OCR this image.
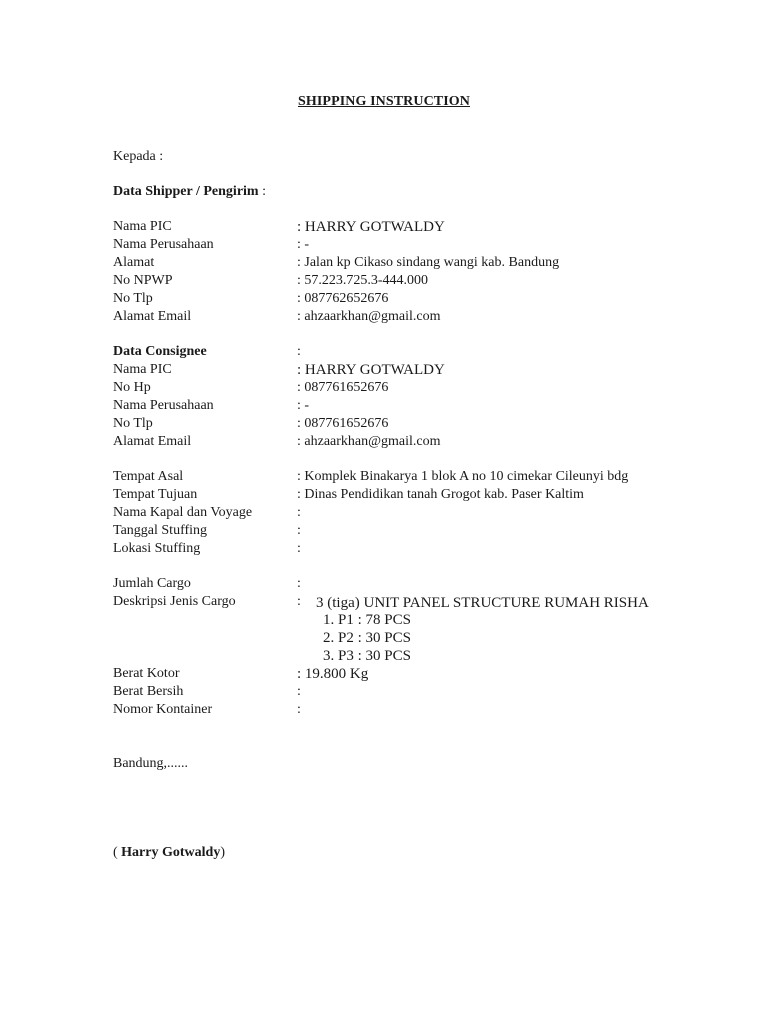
SHIPPING INSTRUCTION
Kepada :
Data Shipper / Pengirim :
Nama PIC	: HARRY GOTWALDY
Nama Perusahaan	: -
Alamat	: Jalan kp Cikaso sindang wangi kab. Bandung
No NPWP	: 57.223.725.3-444.000
No Tlp	: 087762652676
Alamat Email	: ahzaarkhan@gmail.com
Data Consignee	:
Nama PIC	: HARRY GOTWALDY
No Hp	: 087761652676
Nama Perusahaan	: -
No Tlp	: 087761652676
Alamat Email	: ahzaarkhan@gmail.com
Tempat Asal	: Komplek Binakarya 1 blok A no 10 cimekar Cileunyi bdg
Tempat Tujuan	: Dinas Pendidikan tanah Grogot kab. Paser Kaltim
Nama Kapal dan Voyage	:
Tanggal Stuffing	:
Lokasi Stuffing	:
Jumlah Cargo	:
Deskripsi Jenis Cargo	: 3 (tiga) UNIT PANEL STRUCTURE RUMAH RISHA
1. P1 : 78 PCS
2. P2 : 30 PCS
3. P3 : 30 PCS
Berat Kotor	: 19.800 Kg
Berat Bersih	:
Nomor Kontainer	:
Bandung,......
( Harry Gotwaldy)
